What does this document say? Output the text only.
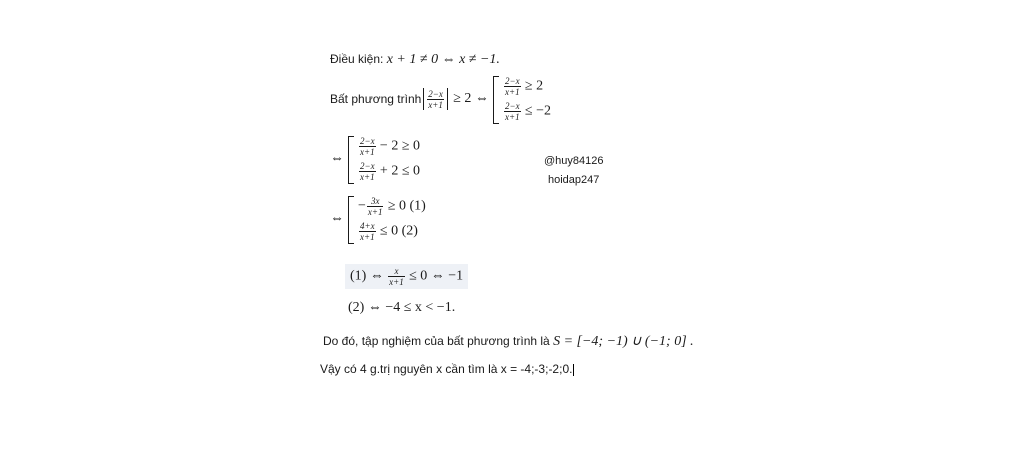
Điều kiện: x + 1 ≠ 0 ⇔ x ≠ −1.
Bất phương trình $\frac{2-x}{x+1} \ge 2$ ⇔
$\frac{2-x}{x+1} \ge 2$
$\frac{2-x}{x+1} \le -2$
⇔
$\frac{2-x}{x+1} - 2 \ge 0$
$\frac{2-x}{x+1} + 2 \le 0$
@huy84126
hoidap247
⇔
− $\frac{3x}{x+1} \ge 0$ (1)
$\frac{4+x}{x+1} \le 0$ (2)
(1) ⇔ $\frac{x}{x+1} \le 0$ ⇔ −1
(2) ⇔ −4 ≤ x < −1.
Do đó, tập nghiệm của bất phương trình là S = [−4; −1) ∪ (−1; 0] .
Vậy có 4 g.trị nguyên x cần tìm là x = -4;-3;-2;0.
